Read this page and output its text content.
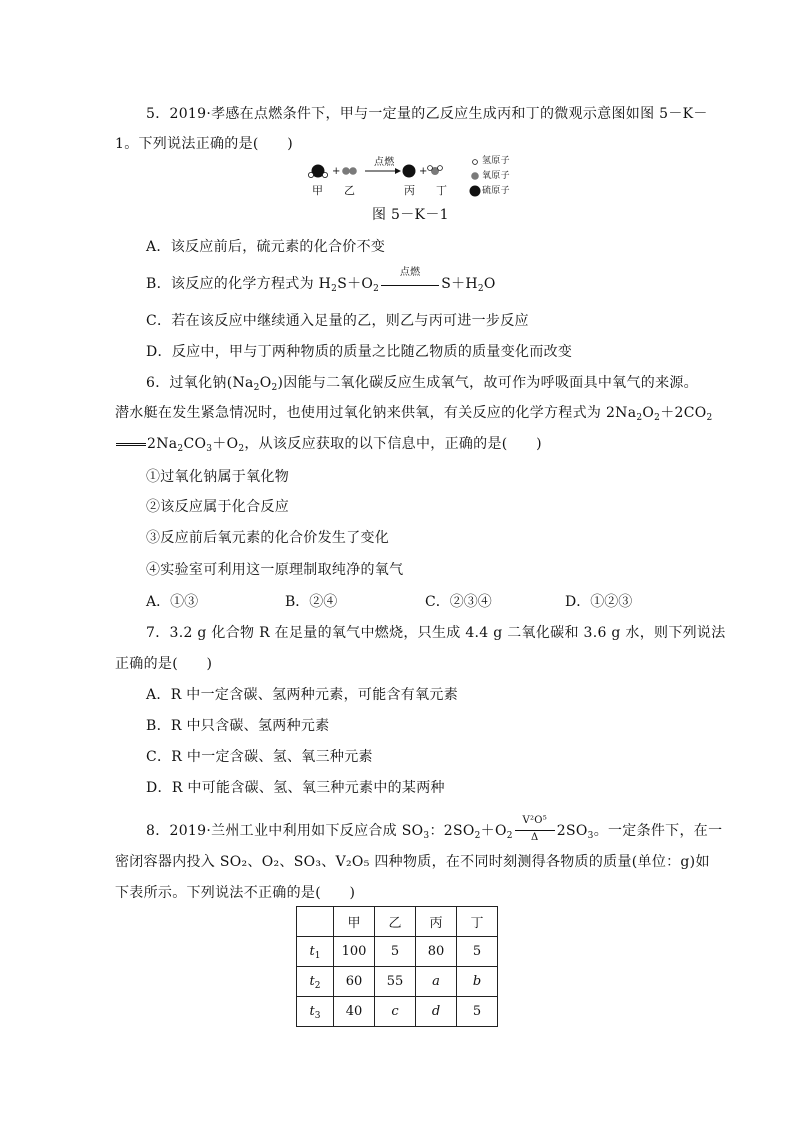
5．2019·孝感在点燃条件下，甲与一定量的乙反应生成丙和丁的微观示意图如图 5－K－
1。下列说法正确的是(　　)
+	+
点燃	氢原子
氧原子
硫原子
甲 乙	丙 丁
图 5－K－1
A．该反应前后，硫元素的化合价不变
B．该反应的化学方程式为 $H_2S+O_2$
点燃
$S+H_2O$
C．若在该反应中继续通入足量的乙，则乙与丙可进一步反应
D．反应中，甲与丁两种物质的质量之比随乙物质的质量变化而改变
6．过氧化钠$(Na_2O_2)$因能与二氧化碳反应生成氧气，故可作为呼吸面具中氧气的来源。
潜水艇在发生紧急情况时，也使用过氧化钠来供氧，有关反应的化学方程式为 $2Na_2O_2+2CO_2$
$2Na_2CO_3+O_2$，从该反应获取的以下信息中，正确的是(　　)
①过氧化钠属于氧化物
②该反应属于化合反应
③反应前后氧元素的化合价发生了变化
④实验室可利用这一原理制取纯净的氧气
A．①③	B．②④	C．②③④	D．①②③
7．3.2 g 化合物 R 在足量的氧气中燃烧，只生成 4.4 g 二氧化碳和 3.6 g 水，则下列说法
正确的是(　　)
A．R 中一定含碳、氢两种元素，可能含有氧元素
B．R 中只含碳、氢两种元素
C．R 中一定含碳、氢、氧三种元素
D．R 中可能含碳、氢、氧三种元素中的某两种
8．2019·兰州工业中利用如下反应合成 $SO_3$：$2SO_2+O_2 \frac{\text{V²O⁵}}{\Delta} 2SO_3$。一定条件下，在一
密闭容器内投入 SO₂、O₂、SO₃、V₂O₅ 四种物质，在不同时刻测得各物质的质量(单位：g)如
下表所示。下列说法不正确的是(　　)
	甲	乙	丙	丁
$t_1$	100	5	80	5
$t_2$	60	55	a	b
$t_3$	40	c	d	5
